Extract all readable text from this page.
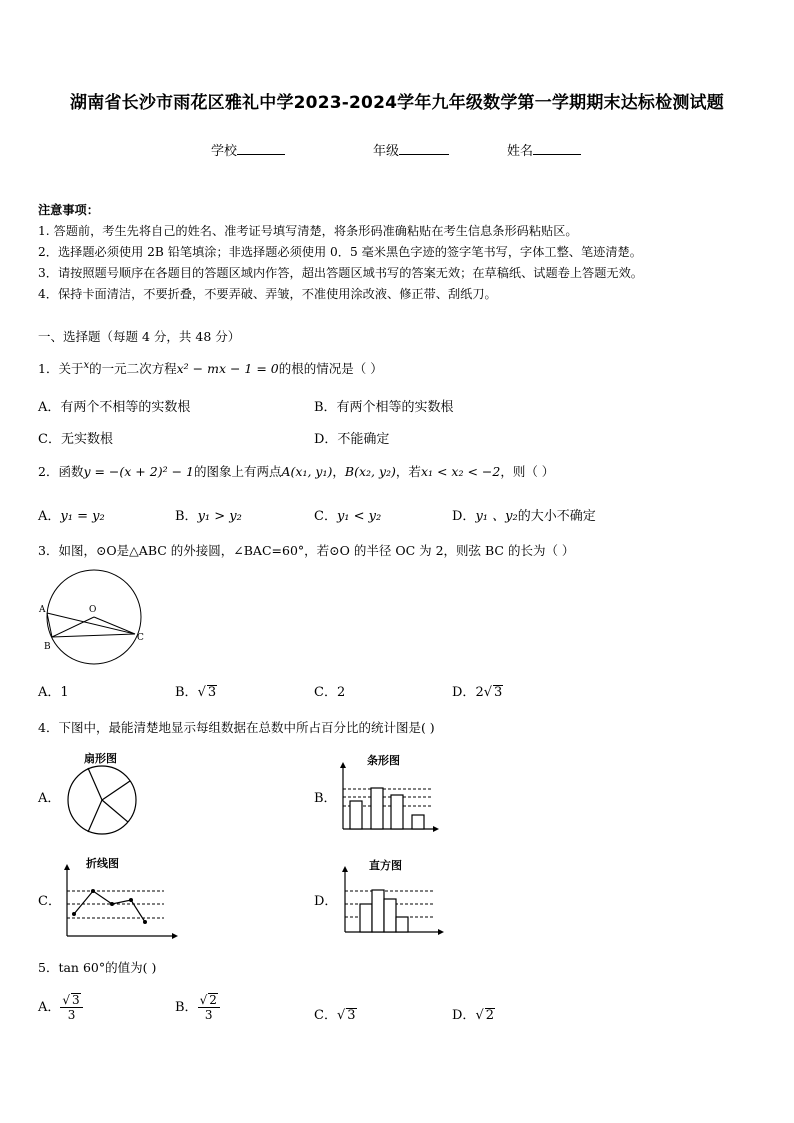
湖南省长沙市雨花区雅礼中学2023-2024学年九年级数学第一学期期末达标检测试题
学校	年级	姓名
注意事项：
1. 答题前，考生先将自己的姓名、准考证号填写清楚，将条形码准确粘贴在考生信息条形码粘贴区。
2．选择题必须使用 2B 铅笔填涂；非选择题必须使用 0．5 毫米黑色字迹的签字笔书写，字体工整、笔迹清楚。
3．请按照题号顺序在各题目的答题区域内作答，超出答题区域书写的答案无效；在草稿纸、试题卷上答题无效。
4．保持卡面清洁，不要折叠，不要弄破、弄皱，不准使用涂改液、修正带、刮纸刀。
一、选择题（每题 4 分，共 48 分）
1．关于$^x$的一元二次方程x² − mx − 1 = 0的根的情况是（ ）
A．有两个不相等的实数根	B．有两个相等的实数根
C．无实数根	D．不能确定
2．函数y = −(x + 2)² − 1的图象上有两点A(x₁, y₁)，B(x₂, y₂)，若x₁ < x₂ < −2，则（ ）
A．y₁ = y₂	B．y₁ > y₂	C．y₁ < y₂	D．y₁ 、y₂的大小不确定
3．如图，⊙O是△ABC 的外接圆，∠BAC=60°，若⊙O 的半径 OC 为 2，则弦 BC 的长为（ ）
A
B
C
O
A．1	B．√ 3	C．2	D．2√ 3
4．下图中，最能清楚地显示每组数据在总数中所占百分比的统计图是( )
A．
扇形图
B．
条形图
C．
折线图
D．
直方图
5．tan 60°的值为( )
A． $\frac{√ 3}{3}$	B． $\frac{√ 2}{3}$	C．√ 3	D．√ 2
